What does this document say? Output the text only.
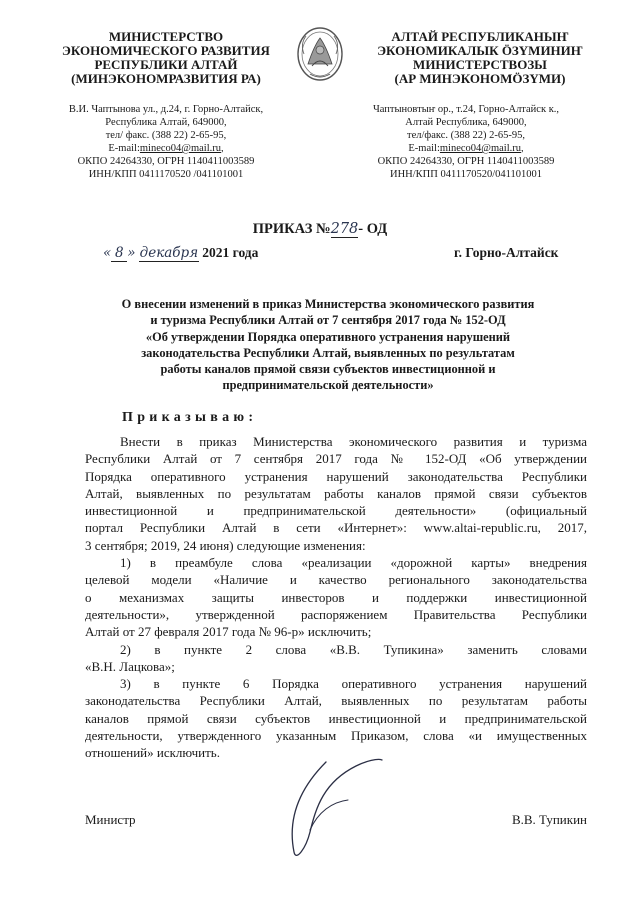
МИНИСТЕРСТВО
ЭКОНОМИЧЕСКОГО РАЗВИТИЯ
РЕСПУБЛИКИ АЛТАЙ
(МИНЭКОНОМРАЗВИТИЯ РА)
АЛТАЙ РЕСПУБЛИКАНЫҤ
ЭКОНОМИКАЛЫК ÖЗҮМИНИҤ
МИНИСТЕРСТВОЗЫ
(АР МИНЭКОНОМÖЗҮМИ)
В.И. Чаптынова ул., д.24, г. Горно-Алтайск,
Республика Алтай, 649000,
тел/ факс. (388 22) 2-65-95,
E-mail:mineco04@mail.ru,
ОКПО 24264330, ОГРН 1140411003589
ИНН/КПП 0411170520 /041101001
Чаптыновтыҥ ор., т.24, Горно-Алтайск к.,
Алтай Республика, 649000,
тел/факс. (388 22) 2-65-95,
E-mail:mineco04@mail.ru,
ОКПО 24264330, ОГРН 1140411003589
ИНН/КПП 0411170520/041101001
ПРИКАЗ №278- ОД
« 8 » декабря 2021 года	г. Горно-Алтайск
О внесении изменений в приказ Министерства экономического развития
и туризма Республики Алтай от 7 сентября 2017 года № 152-ОД
«Об утверждении Порядка оперативного устранения нарушений
законодательства Республики Алтай, выявленных по результатам
работы каналов прямой связи субъектов инвестиционной и
предпринимательской деятельности»
Приказываю:
Внести в приказ Министерства экономического развития и туризма
Республики Алтай от 7 сентября 2017 года № 152-ОД «Об утверждении
Порядка оперативного устранения нарушений законодательства Республики
Алтай, выявленных по результатам работы каналов прямой связи субъектов
инвестиционной и предпринимательской деятельности» (официальный
портал Республики Алтай в сети «Интернет»: www.altai-republic.ru, 2017,
3 сентября; 2019, 24 июня) следующие изменения:
1) в преамбуле слова «реализации «дорожной карты» внедрения
целевой модели «Наличие и качество регионального законодательства
о механизмах защиты инвесторов и поддержки инвестиционной
деятельности», утвержденной распоряжением Правительства Республики
Алтай от 27 февраля 2017 года № 96-р» исключить;
2) в пункте 2 слова «В.В. Тупикина» заменить словами
«В.Н. Лацкова»;
3) в пункте 6 Порядка оперативного устранения нарушений
законодательства Республики Алтай, выявленных по результатам работы
каналов прямой связи субъектов инвестиционной и предпринимательской
деятельности, утвержденного указанным Приказом, слова «и имущественных
отношений» исключить.
Министр	В.В. Тупикин
